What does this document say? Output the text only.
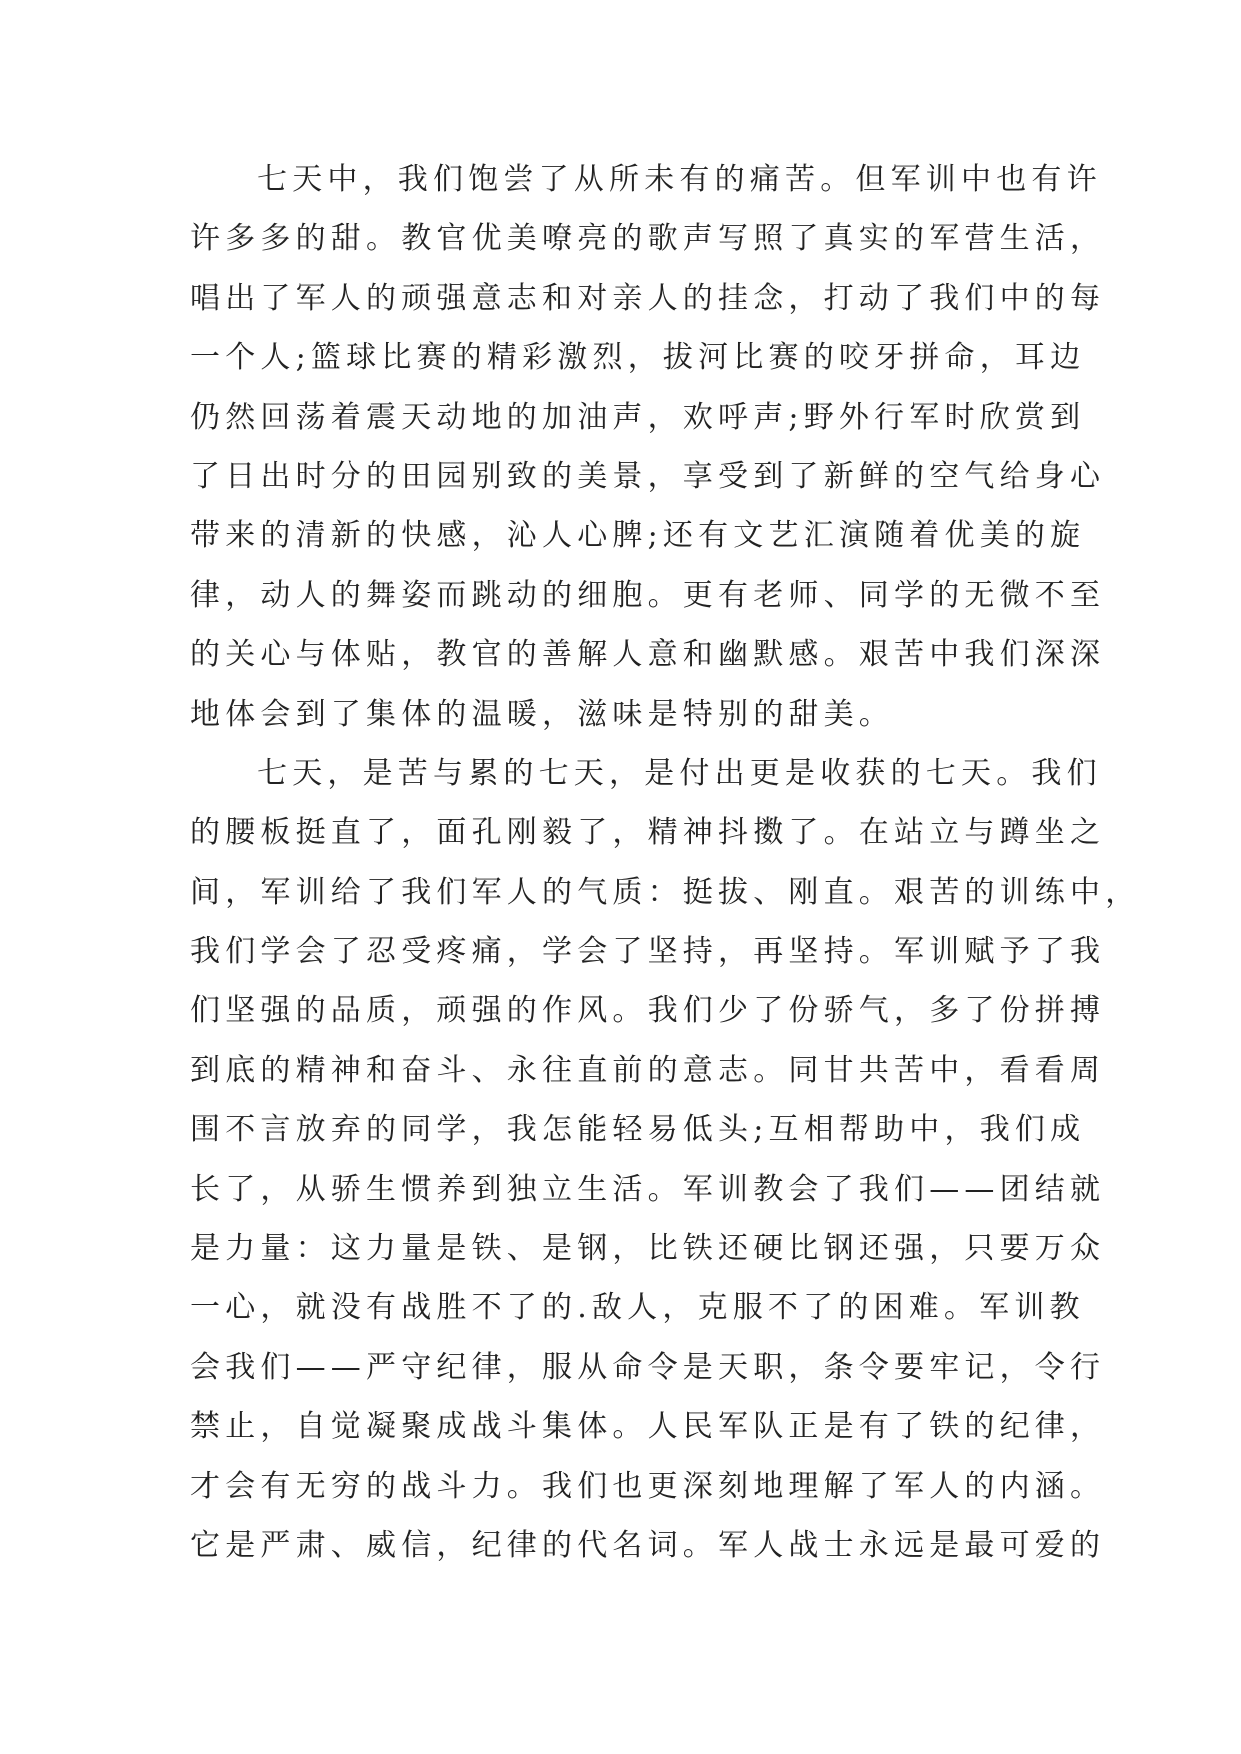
七天中，我们饱尝了从所未有的痛苦。但军训中也有许
许多多的甜。教官优美嘹亮的歌声写照了真实的军营生活，
唱出了军人的顽强意志和对亲人的挂念，打动了我们中的每
一个人;篮球比赛的精彩激烈，拔河比赛的咬牙拼命，耳边
仍然回荡着震天动地的加油声，欢呼声;野外行军时欣赏到
了日出时分的田园别致的美景，享受到了新鲜的空气给身心
带来的清新的快感，沁人心脾;还有文艺汇演随着优美的旋
律，动人的舞姿而跳动的细胞。更有老师、同学的无微不至
的关心与体贴，教官的善解人意和幽默感。艰苦中我们深深
地体会到了集体的温暖，滋味是特别的甜美。
七天，是苦与累的七天，是付出更是收获的七天。我们
的腰板挺直了，面孔刚毅了，精神抖擞了。在站立与蹲坐之
间，军训给了我们军人的气质：挺拔、刚直。艰苦的训练中，
我们学会了忍受疼痛，学会了坚持，再坚持。军训赋予了我
们坚强的品质，顽强的作风。我们少了份骄气，多了份拼搏
到底的精神和奋斗、永往直前的意志。同甘共苦中，看看周
围不言放弃的同学，我怎能轻易低头;互相帮助中，我们成
长了，从骄生惯养到独立生活。军训教会了我们——团结就
是力量：这力量是铁、是钢，比铁还硬比钢还强，只要万众
一心，就没有战胜不了的.敌人，克服不了的困难。军训教
会我们——严守纪律，服从命令是天职，条令要牢记，令行
禁止，自觉凝聚成战斗集体。人民军队正是有了铁的纪律，
才会有无穷的战斗力。我们也更深刻地理解了军人的内涵。
它是严肃、威信，纪律的代名词。军人战士永远是最可爱的
